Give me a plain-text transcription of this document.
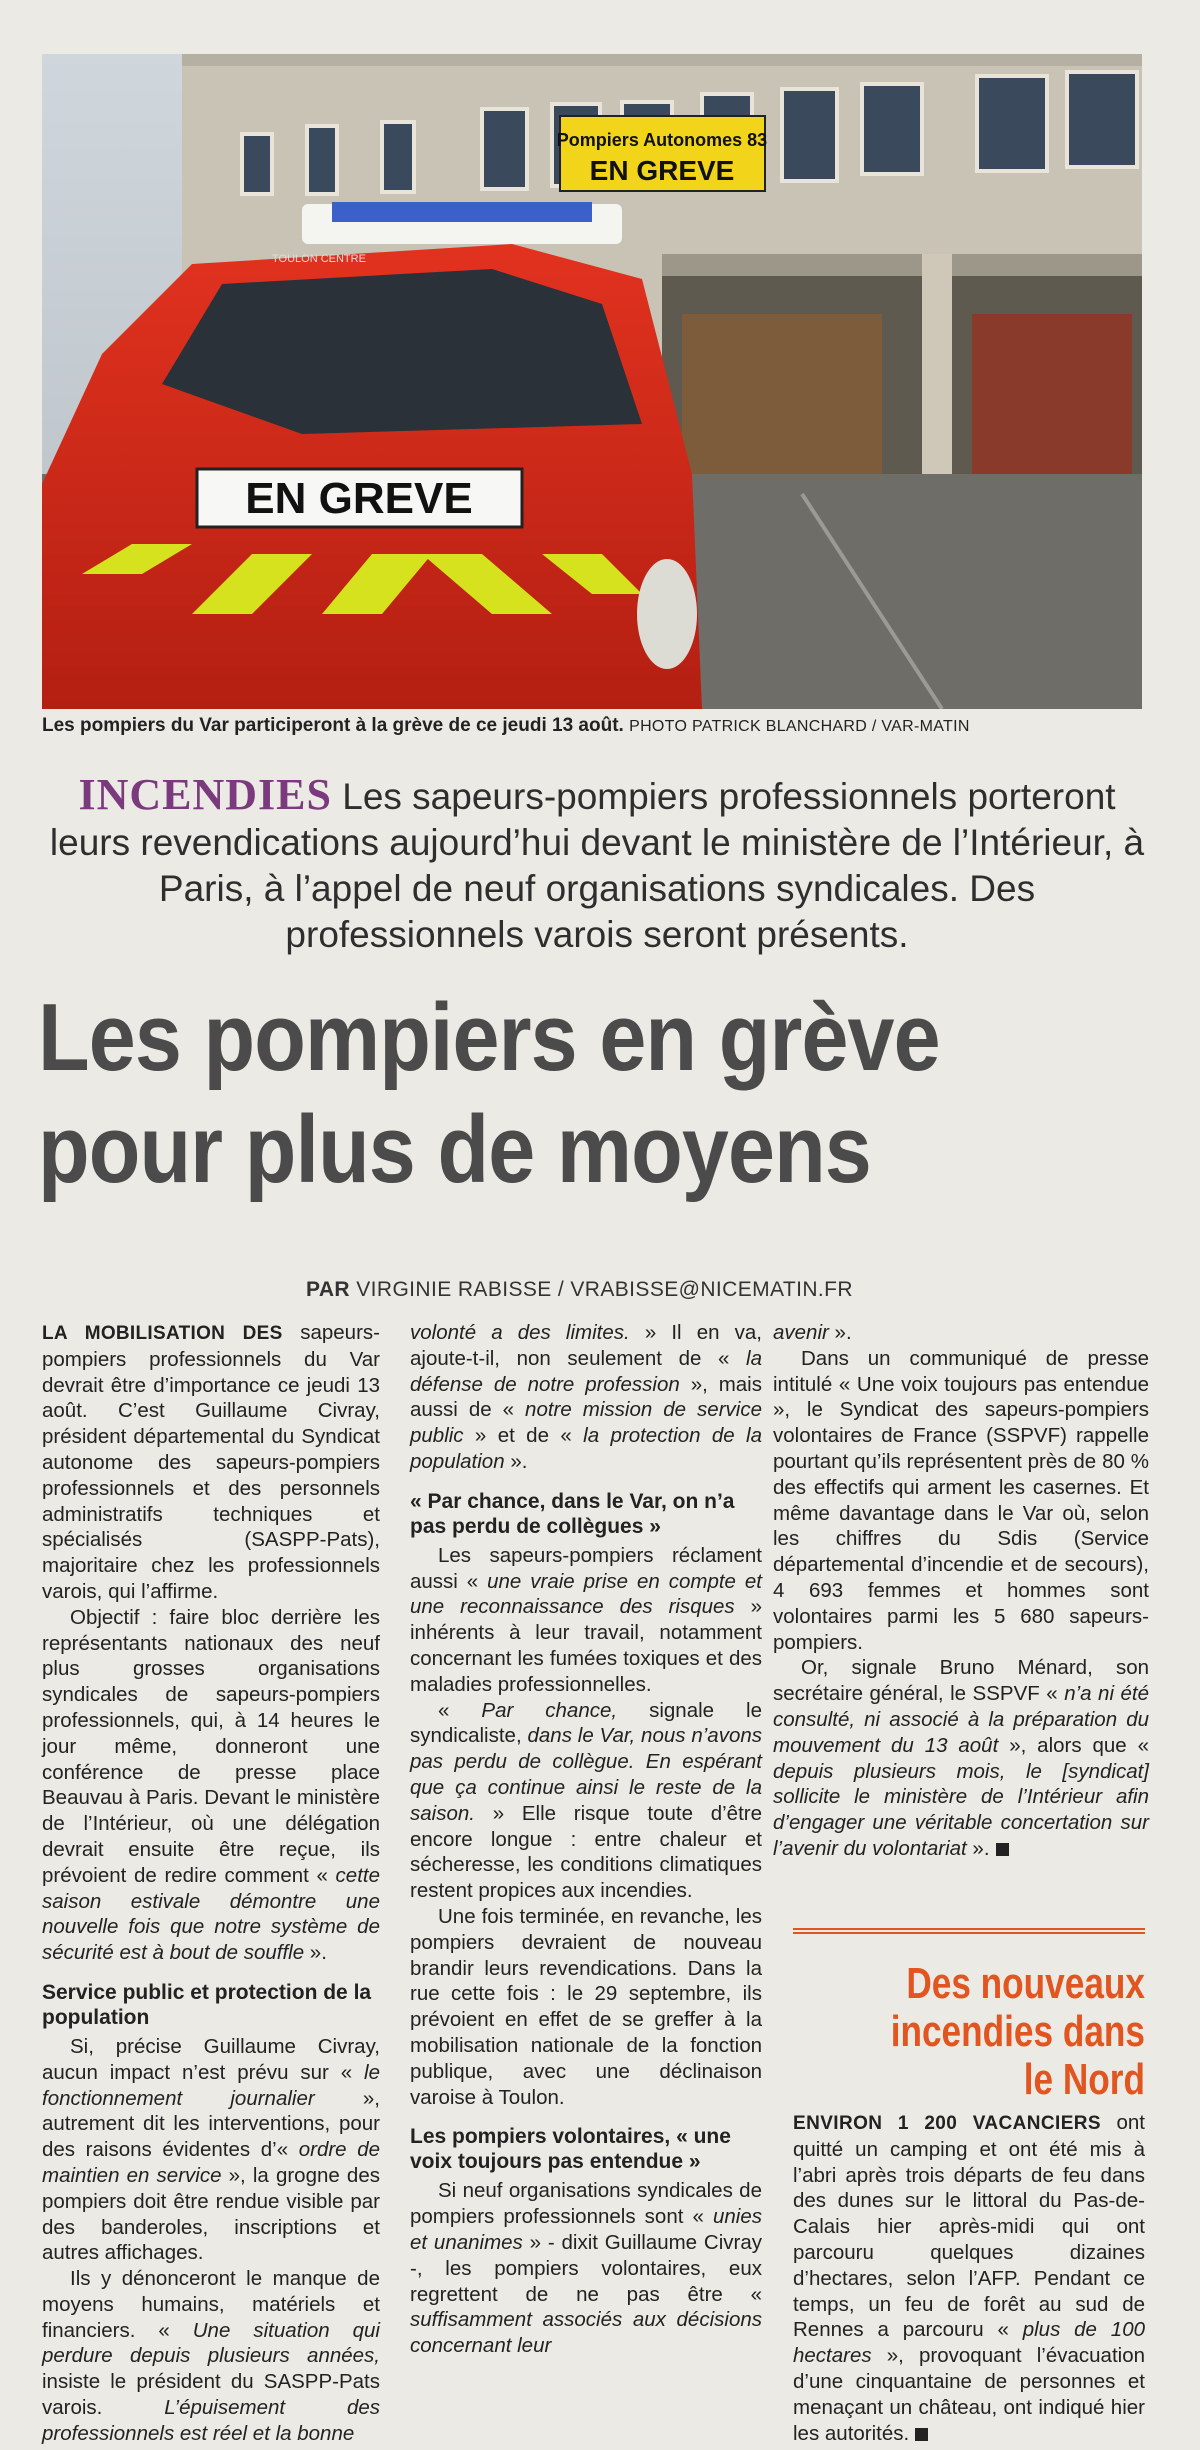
Pompiers Autonomes 83
EN GREVE
EN GREVE
TOULON CENTRE
Les pompiers du Var participeront à la grève de ce jeudi 13 août. PHOTO PATRICK BLANCHARD / VAR-MATIN
INCENDIES Les sapeurs-pompiers professionnels porteront leurs revendications aujourd’hui devant le ministère de l’Intérieur, à Paris, à l’appel de neuf organisations syndicales. Des professionnels varois seront présents.
Les pompiers en grève
pour plus de moyens
PAR VIRGINIE RABISSE / VRABISSE@NICEMATIN.FR

LA MOBILISATION DES sapeurs-pompiers professionnels du Var devrait être d’importance ce jeudi 13 août. C’est Guillaume Civray, président départemental du Syndicat autonome des sapeurs-pompiers professionnels et des personnels administratifs techniques et spécialisés (SASPP-Pats), majoritaire chez les professionnels varois, qui l’affirme.

Objectif : faire bloc derrière les représentants nationaux des neuf plus grosses organisations syndicales de sapeurs-pompiers professionnels, qui, à 14 heures le jour même, donneront une conférence de presse place Beauvau à Paris. Devant le ministère de l’Intérieur, où une délégation devrait ensuite être reçue, ils prévoient de redire comment « cette saison estivale démontre une nouvelle fois que notre système de sécurité est à bout de souffle ».

Service public et protection de la population

Si, précise Guillaume Civray, aucun impact n’est prévu sur « le fonctionnement journalier », autrement dit les interventions, pour des raisons évidentes d’« ordre de maintien en service », la grogne des pompiers doit être rendue visible par des banderoles, inscriptions et autres affichages.

Ils y dénonceront le manque de moyens humains, matériels et financiers. « Une situation qui perdure depuis plusieurs années, insiste le président du SASPP-Pats varois. L’épuisement des professionnels est réel et la bonne

volonté a des limites. » Il en va, ajoute-t-il, non seulement de « la défense de notre profession », mais aussi de « notre mission de service public » et de « la protection de la population ».

« Par chance, dans le Var, on n’a pas perdu de collègues »

Les sapeurs-pompiers réclament aussi « une vraie prise en compte et une reconnaissance des risques » inhérents à leur travail, notamment concernant les fumées toxiques et des maladies professionnelles.

« Par chance, signale le syndicaliste, dans le Var, nous n’avons pas perdu de collègue. En espérant que ça continue ainsi le reste de la saison. » Elle risque toute d’être encore longue : entre chaleur et sécheresse, les conditions climatiques restent propices aux incendies.

Une fois terminée, en revanche, les pompiers devraient de nouveau brandir leurs revendications. Dans la rue cette fois : le 29 septembre, ils prévoient en effet de se greffer à la mobilisation nationale de la fonction publique, avec une déclinaison varoise à Toulon.

Les pompiers volontaires, « une voix toujours pas entendue »

Si neuf organisations syndicales de pompiers professionnels sont « unies et unanimes » - dixit Guillaume Civray -, les pompiers volontaires, eux regrettent de ne pas être « suffisamment associés aux décisions concernant leur

avenir ».

Dans un communiqué de presse intitulé « Une voix toujours pas entendue », le Syndicat des sapeurs-pompiers volontaires de France (SSPVF) rappelle pourtant qu’ils représentent près de 80 % des effectifs qui arment les casernes. Et même davantage dans le Var où, selon les chiffres du Sdis (Service départemental d’incendie et de secours), 4 693 femmes et hommes sont volontaires parmi les 5 680 sapeurs-pompiers.

Or, signale Bruno Ménard, son secrétaire général, le SSPVF « n’a ni été consulté, ni associé à la préparation du mouvement du 13 août », alors que « depuis plusieurs mois, le [syndicat] sollicite le ministère de l’Intérieur afin d’engager une véritable concertation sur l’avenir du volontariat ».

Des nouveaux incendies dans le Nord
ENVIRON 1 200 VACANCIERS ont quitté un camping et ont été mis à l’abri après trois départs de feu dans des dunes sur le littoral du Pas-de-Calais hier après-midi qui ont parcouru quelques dizaines d’hectares, selon l’AFP. Pendant ce temps, un feu de forêt au sud de Rennes a parcouru « plus de 100 hectares », provoquant l’évacuation d’une cinquantaine de personnes et menaçant un château, ont indiqué hier les autorités.
